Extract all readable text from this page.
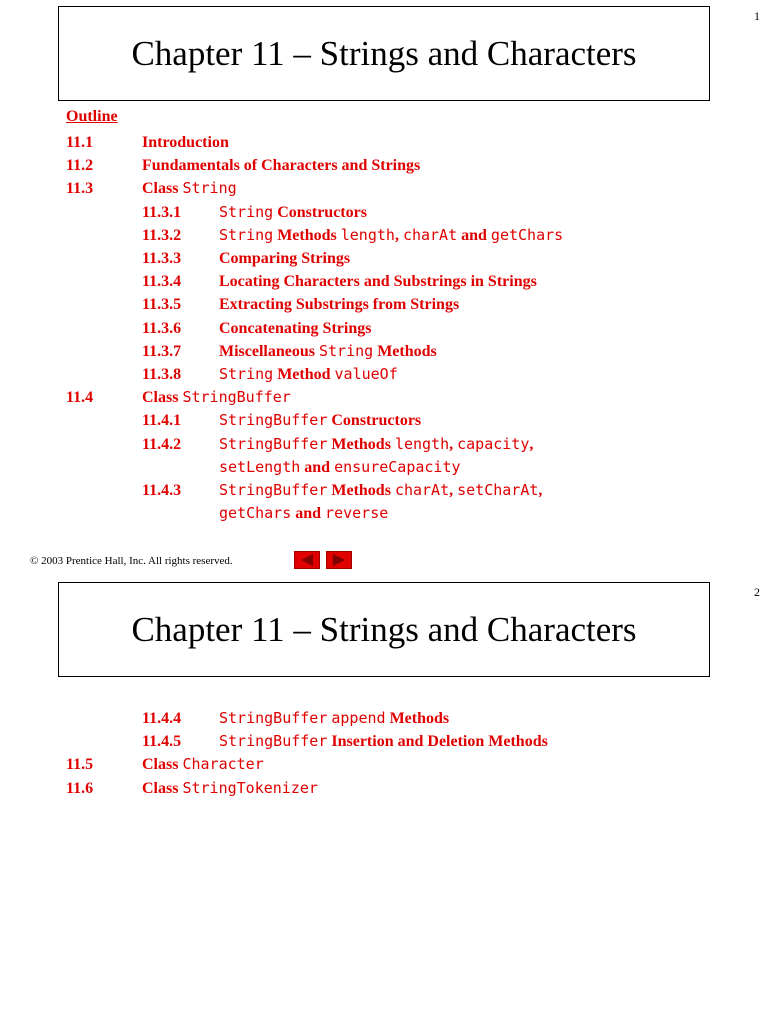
1
Chapter 11 – Strings and Characters
Outline
11.1	Introduction
11.2	Fundamentals of Characters and Strings
11.3	Class String
11.3.1	String Constructors
11.3.2	String Methods length, charAt and getChars
11.3.3 Comparing Strings
11.3.4 Locating Characters and Substrings in Strings
11.3.5 Extracting Substrings from Strings
11.3.6 Concatenating Strings
11.3.7 Miscellaneous String Methods
11.3.8	String Method valueOf
11.4	Class StringBuffer
11.4.1	StringBuffer Constructors
11.4.2	StringBuffer Methods length, capacity,
setLength and ensureCapacity
11.4.3	StringBuffer Methods charAt, setCharAt,
getChars and reverse
© 2003 Prentice Hall, Inc. All rights reserved.
2
Chapter 11 – Strings and Characters
11.4.4	StringBuffer append Methods
11.4.5	StringBuffer Insertion and Deletion Methods
11.5	Class Character
11.6	Class StringTokenizer
